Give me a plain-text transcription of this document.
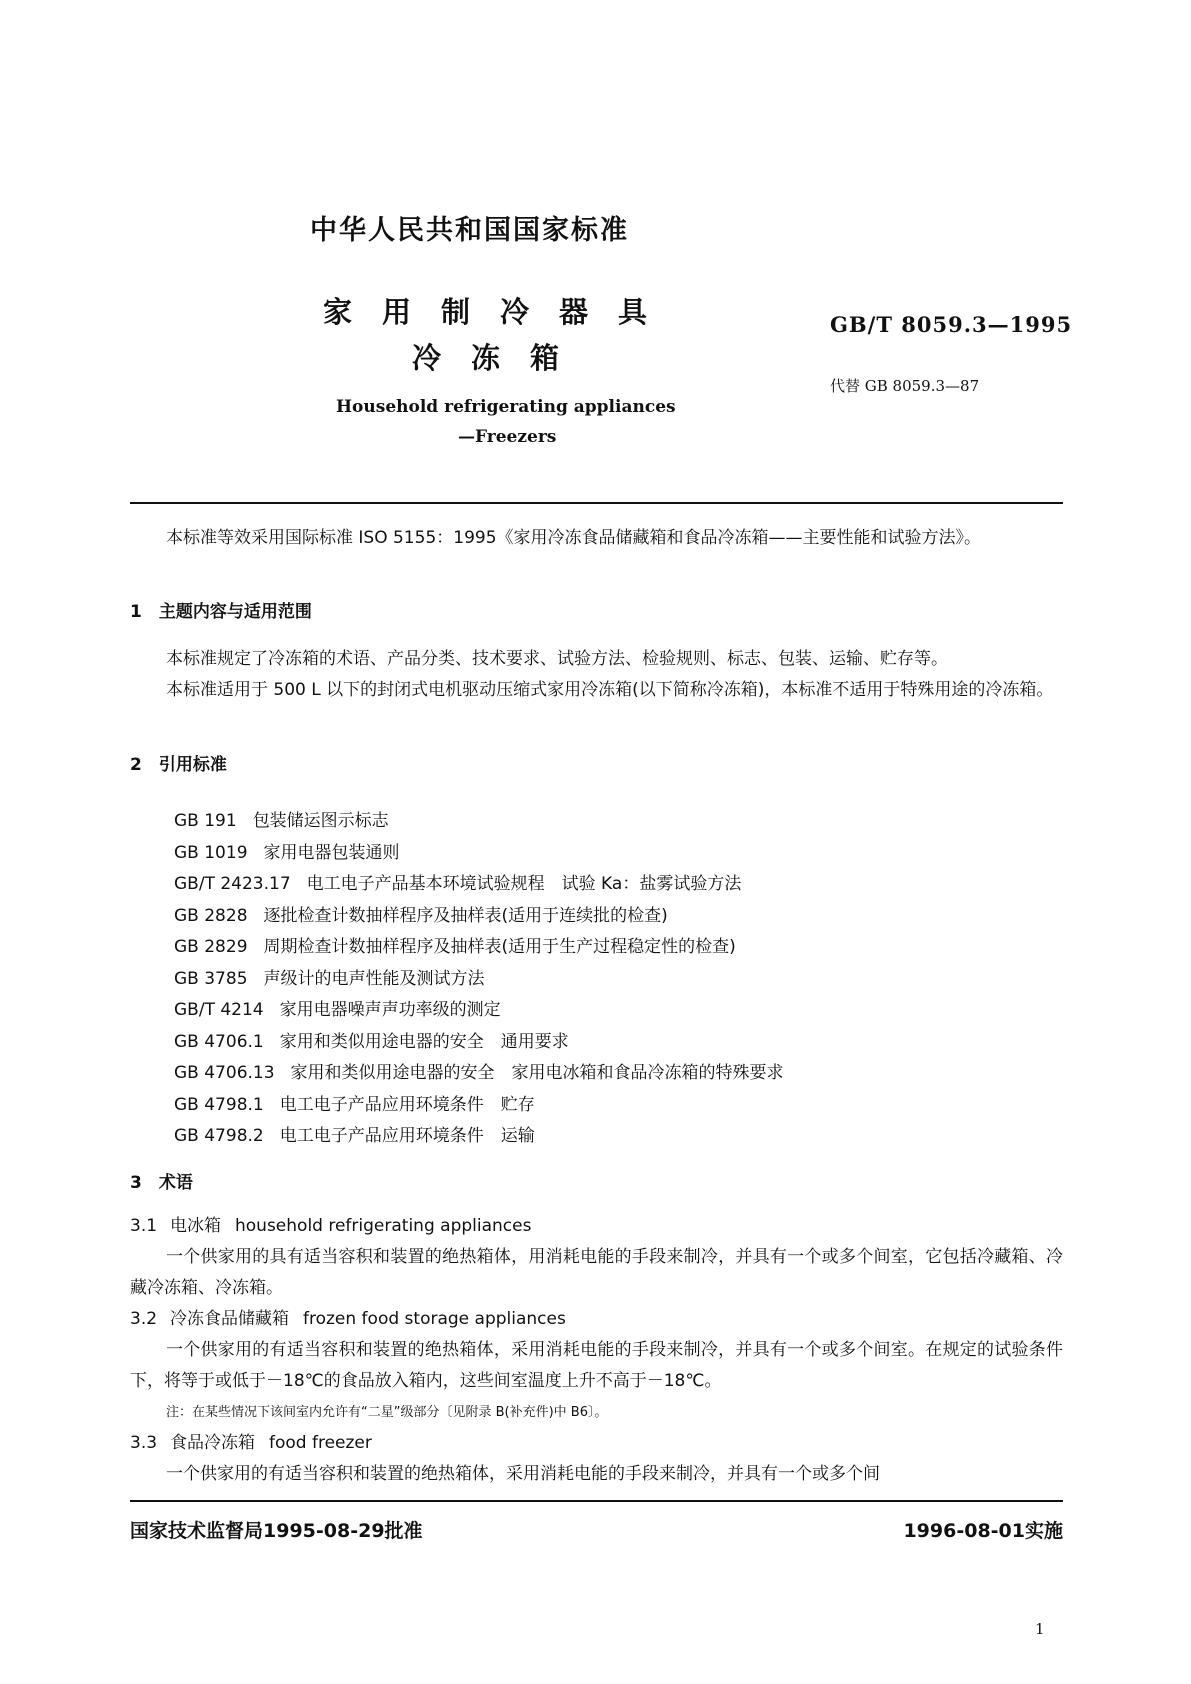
中华人民共和国国家标准
家用制冷器具
冷冻箱
GB/T 8059.3—1995
代替 GB 8059.3—87
Household refrigerating appliances
—Freezers

本标准等效采用国际标准 ISO 5155：1995《家用冷冻食品储藏箱和食品冷冻箱——主要性能和试验方法》。

1　主题内容与适用范围

本标准规定了冷冻箱的术语、产品分类、技术要求、试验方法、检验规则、标志、包装、运输、贮存等。

本标准适用于 500 L 以下的封闭式电机驱动压缩式家用冷冻箱(以下简称冷冻箱)，本标准不适用于特殊用途的冷冻箱。

2　引用标准

GB 191 包装储运图示标志
GB 1019 家用电器包装通则
GB/T 2423.17 电工电子产品基本环境试验规程　试验 Ka：盐雾试验方法
GB 2828 逐批检查计数抽样程序及抽样表(适用于连续批的检查)
GB 2829 周期检查计数抽样程序及抽样表(适用于生产过程稳定性的检查)
GB 3785 声级计的电声性能及测试方法
GB/T 4214 家用电器噪声声功率级的测定
GB 4706.1 家用和类似用途电器的安全　通用要求
GB 4706.13 家用和类似用途电器的安全　家用电冰箱和食品冷冻箱的特殊要求
GB 4798.1 电工电子产品应用环境条件　贮存
GB 4798.2 电工电子产品应用环境条件　运输

3　术语

3.1 电冰箱 household refrigerating appliances

一个供家用的具有适当容积和装置的绝热箱体，用消耗电能的手段来制冷，并具有一个或多个间室，它包括冷藏箱、冷藏冷冻箱、冷冻箱。

3.2 冷冻食品储藏箱 frozen food storage appliances

一个供家用的有适当容积和装置的绝热箱体，采用消耗电能的手段来制冷，并具有一个或多个间室。在规定的试验条件下，将等于或低于－18℃的食品放入箱内，这些间室温度上升不高于－18℃。

注：在某些情况下该间室内允许有“二星”级部分〔见附录 B(补充件)中 B6〕。

3.3 食品冷冻箱 food freezer

一个供家用的有适当容积和装置的绝热箱体，采用消耗电能的手段来制冷，并具有一个或多个间

国家技术监督局1995-08-29批准	1996-08-01实施
1
